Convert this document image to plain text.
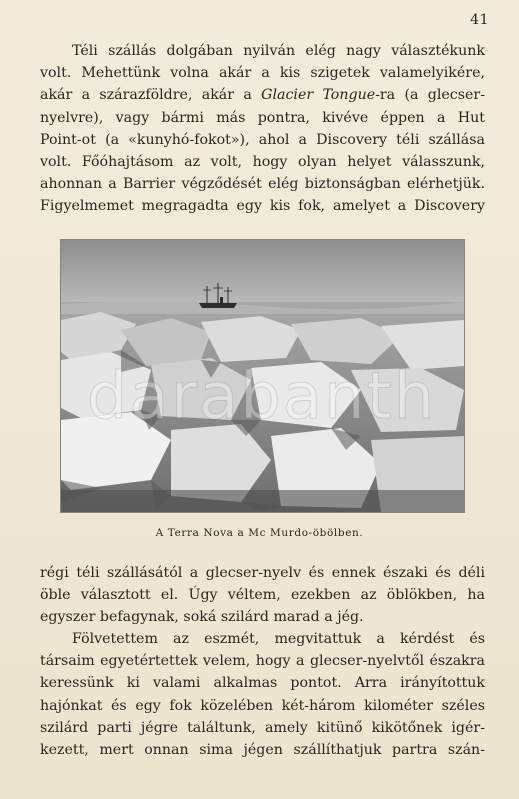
41
Téli szállás dolgában nyilván elég nagy választékunk
volt. Mehettünk volna akár a kis szigetek valamelyikére,
akár a szárazföldre, akár a Glacier Tongue-ra (a glecser-
nyelvre), vagy bármi más pontra, kivéve éppen a Hut
Point-ot (a «kunyhó-fokot»), ahol a Discovery téli szállása
volt. Főóhajtásom az volt, hogy olyan helyet válasszunk,
ahonnan a Barrier végződését elég biztonságban elérhetjük.
Figyelmemet megragadta egy kis fok, amelyet a Discovery
darabanth
A Terra Nova a Mc Murdo-öbölben.
régi téli szállásától a glecser-nyelv és ennek északi és déli
öble választott el. Úgy véltem, ezekben az öblökben, ha
egyszer befagynak, soká szilárd marad a jég.
Fölvetettem az eszmét, megvitattuk a kérdést és
társaim egyetértettek velem, hogy a glecser-nyelvtől északra
keressünk ki valami alkalmas pontot. Arra irányítottuk
hajónkat és egy fok közelében két-három kilométer széles
szilárd parti jégre találtunk, amely kitünő kikötőnek igér-
kezett, mert onnan sima jégen szállíthatjuk partra szán-
